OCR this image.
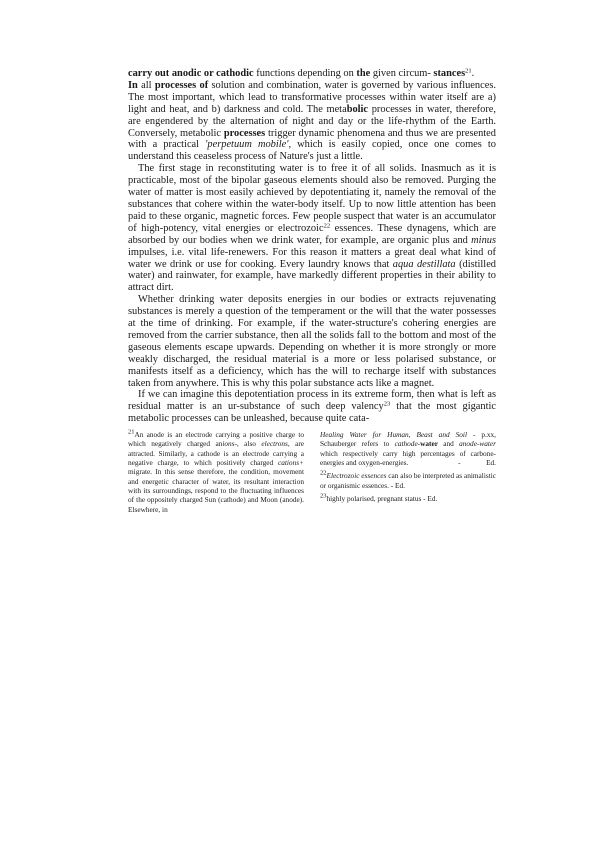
carry out anodic or cathodic functions depending on the given circum- stances$^{21}$.

In all processes of solution and combination, water is governed by various influences. The most important, which lead to transformative processes within water itself are a) light and heat, and b) darkness and cold. The metabolic processes in water, therefore, are engendered by the alternation of night and day or the life-rhythm of the Earth. Conversely, metabolic processes trigger dynamic phenomena and thus we are presented with a practical 'perpetuum mobile', which is easily copied, once one comes to understand this ceaseless process of Nature's just a little.

The first stage in reconstituting water is to free it of all solids. Inasmuch as it is practicable, most of the bipolar gaseous elements should also be removed. Purging the water of matter is most easily achieved by depotentiating it, namely the removal of the substances that cohere within the water-body itself. Up to now little attention has been paid to these organic, magnetic forces. Few people suspect that water is an accumulator of high-potency, vital energies or electrozoic$^{22}$ essences. These dynagens, which are absorbed by our bodies when we drink water, for example, are organic plus and minus impulses, i.e. vital life-renewers. For this reason it matters a great deal what kind of water we drink or use for cooking. Every laundry knows that aqua destillata (distilled water) and rainwater, for example, have markedly different properties in their ability to attract dirt.

Whether drinking water deposits energies in our bodies or extracts rejuvenating substances is merely a question of the temperament or the will that the water possesses at the time of drinking. For example, if the water-structure's cohering energies are removed from the carrier substance, then all the solids fall to the bottom and most of the gaseous elements escape upwards. Depending on whether it is more strongly or more weakly discharged, the residual material is a more or less polarised substance, or manifests itself as a deficiency, which has the will to recharge itself with substances taken from anywhere. This is why this polar substance acts like a magnet.

If we can imagine this depotentiation process in its extreme form, then what is left as residual matter is an ur-substance of such deep valency$^{23}$ that the most gigantic metabolic processes can be unleashed, because quite cata-

$^{21}$An anode is an electrode carrying a positive charge to which negatively charged anions-, also electrons, are attracted. Similarly, a cathode is an electrode carrying a negative charge, to which positively charged cations+ migrate. In this sense therefore, the condition, movement and energetic character of water, its resultant interaction with its surroundings, respond to the fluctuating influences of the oppositely charged Sun (cathode) and Moon (anode). Elsewhere, in

Healing Water for Human, Beast and Soil - p.xx, Schauberger refers to cathode-water and anode-water which respectively carry high percentages of carbone-energies and oxygen-energies.	-	Ed.

$^{22}$Electrozoic essences can also be interpreted as animalistic or organismic essences. - Ed.

$^{23}$highly polarised, pregnant status - Ed.
